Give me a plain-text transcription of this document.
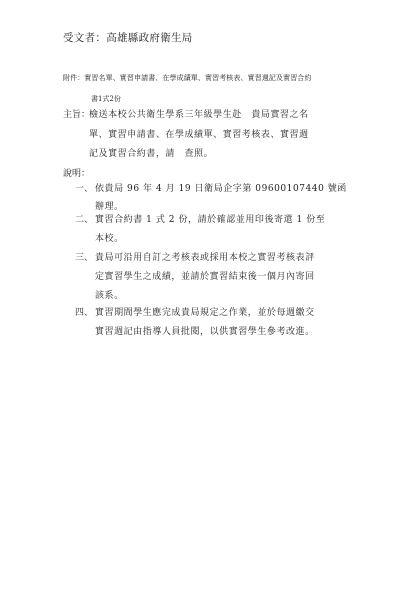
受文者：高雄縣政府衛生局
附件：實習名單、實習申請書、在學成績單、實習考核表、實習週記及實習合約
書1式2份
主旨：
檢送本校公共衛生學系三年級學生赴　貴局實習之名
單、實習申請書、在學成績單、實習考核表、實習週
記及實習合約書，請　查照。
說明：
一、 依貴局 96 年 4 月 19 日衛局企字第 09600107440 號函
辦理。
二、 實習合約書 1 式 2 份，請於確認並用印後寄還 1 份至
本校。
三、 貴局可沿用自訂之考核表或採用本校之實習考核表評
定實習學生之成績，並請於實習結束後一個月內寄回
該系。
四、 實習期間學生應完成貴局規定之作業，並於每週繳交
實習週記由指導人員批閱，以供實習學生參考改進。
